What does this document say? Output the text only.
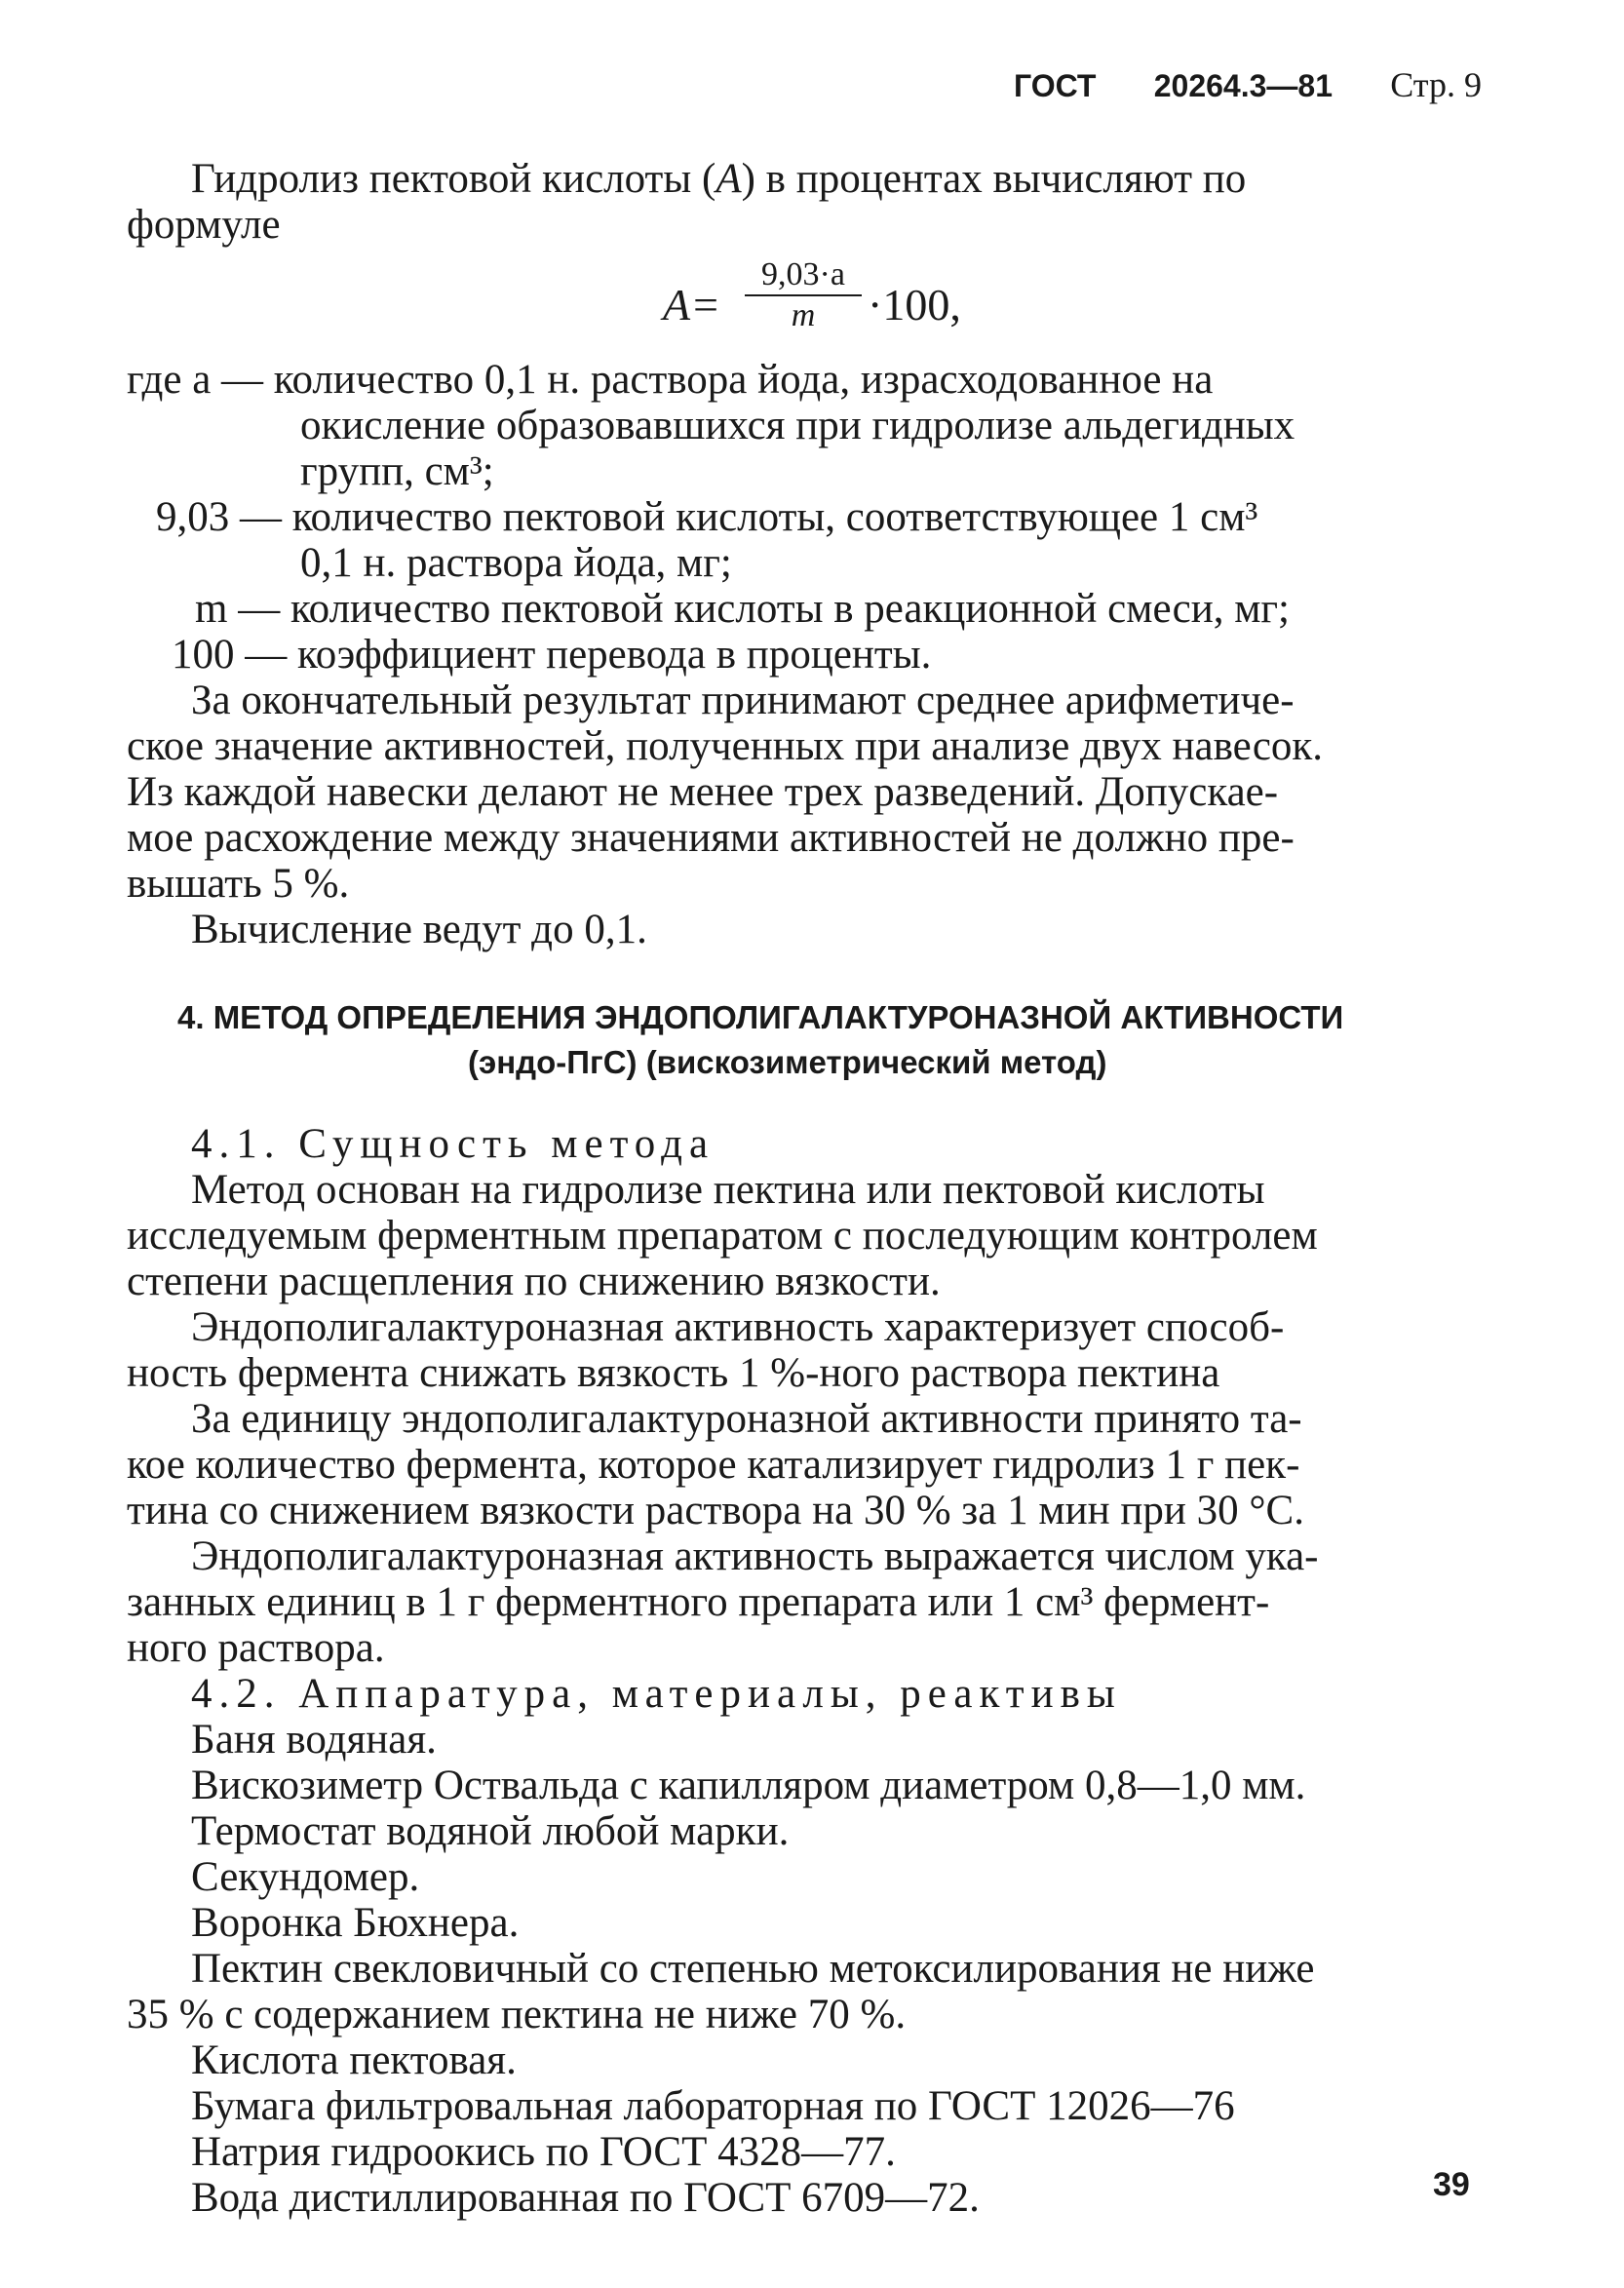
ГОСТ 20264.3—81 Стр. 9
Гидролиз пектовой кислоты (A) в процентах вычисляют по
формуле
$A= \frac{9,03\cdot a}{m} \cdot 100$,
где a — количество 0,1 н. раствора йода, израсходованное на
окисление образовавшихся при гидролизе альдегидных
групп, см³;
9,03 — количество пектовой кислоты, соответствующее 1 см³
0,1 н. раствора йода, мг;
m — количество пектовой кислоты в реакционной смеси, мг;
100 — коэффициент перевода в проценты.
За окончательный результат принимают среднее арифметиче-
ское значение активностей, полученных при анализе двух навесок.
Из каждой навески делают не менее трех разведений. Допускае-
мое расхождение между значениями активностей не должно пре-
вышать 5 %.
Вычисление ведут до 0,1.
4. МЕТОД ОПРЕДЕЛЕНИЯ ЭНДОПОЛИГАЛАКТУРОНАЗНОЙ АКТИВНОСТИ
(эндо-ПгС) (вискозиметрический метод)
4.1. Сущность метода
Метод основан на гидролизе пектина или пектовой кислоты
исследуемым ферментным препаратом с последующим контролем
степени расщепления по снижению вязкости.
Эндополигалактуроназная активность характеризует способ-
ность фермента снижать вязкость 1 %-ного раствора пектина
За единицу эндополигалактуроназной активности принято та-
кое количество фермента, которое катализирует гидролиз 1 г пек-
тина со снижением вязкости раствора на 30 % за 1 мин при 30 °С.
Эндополигалактуроназная активность выражается числом ука-
занных единиц в 1 г ферментного препарата или 1 см³ фермент-
ного раствора.
4.2. Аппаратура, материалы, реактивы
Баня водяная.
Вискозиметр Оствальда с капилляром диаметром 0,8—1,0 мм.
Термостат водяной любой марки.
Секундомер.
Воронка Бюхнера.
Пектин свекловичный со степенью метоксилирования не ниже
35 % с содержанием пектина не ниже 70 %.
Кислота пектовая.
Бумага фильтровальная лабораторная по ГОСТ 12026—76
Натрия гидроокись по ГОСТ 4328—77.
Вода дистиллированная по ГОСТ 6709—72.	39
